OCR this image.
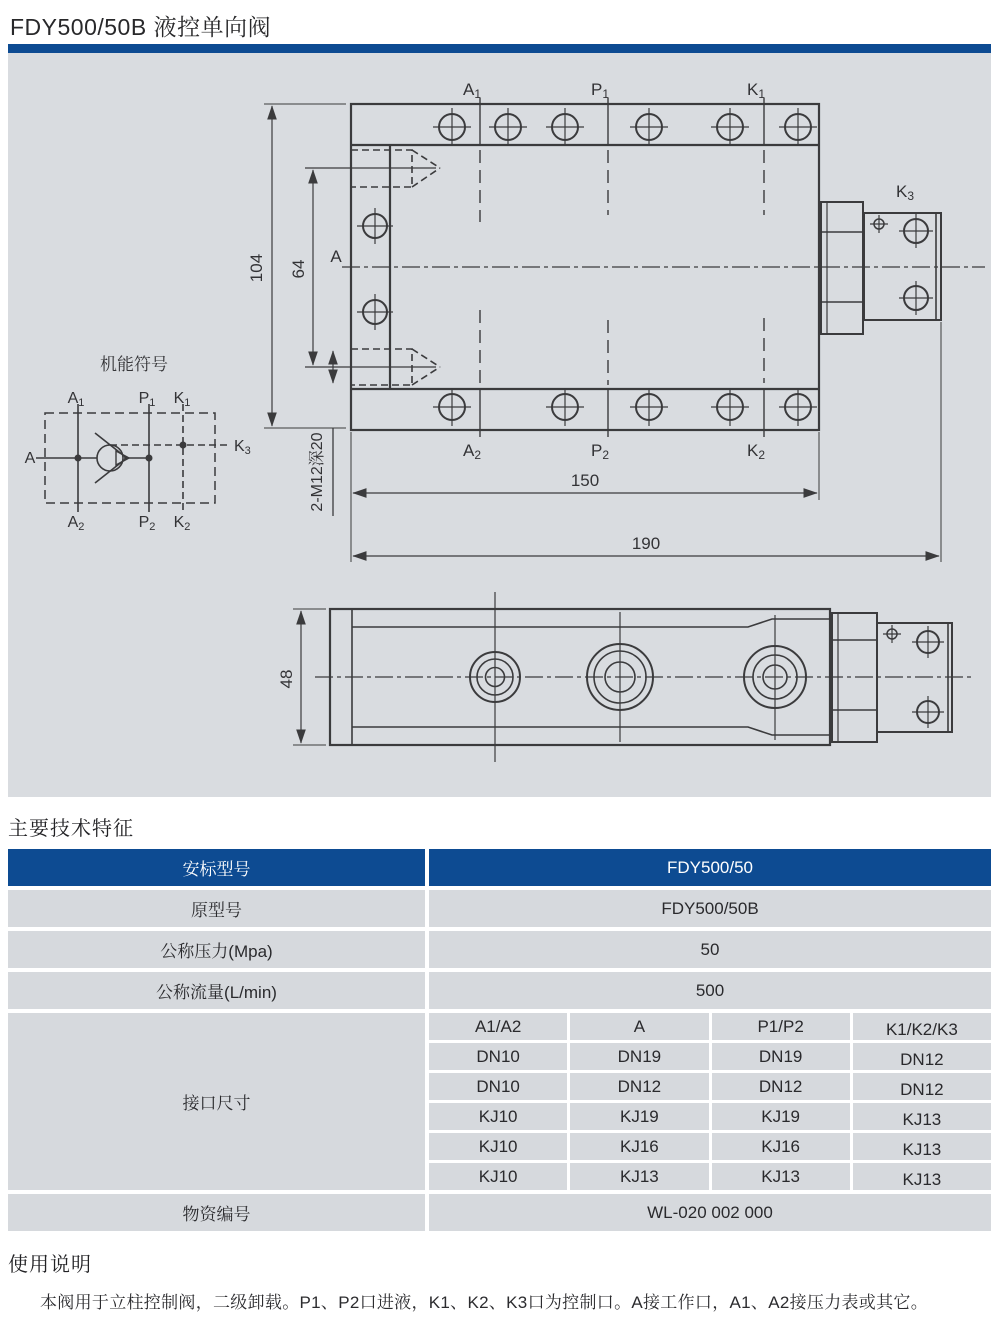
FDY500/50B 液控单向阀
104 64
2-M12深20	150
190
A
A1	P1	K1
A2	P2	K2
K3
机能符号
A1	P1 K1
A2	P2 K2
A
K3
48
主要技术特征
安标型号	FDY500/50
原型号	FDY500/50B
公称压力(Mpa)	50
公称流量(L/min)	500
接口尺寸
A1/A2	A	P1/P2	K1/K2/K3
DN10	DN19	DN19	DN12
DN10	DN12	DN12	DN12
KJ10	KJ19	KJ19	KJ13
KJ10	KJ16	KJ16	KJ13
KJ10	KJ13	KJ13	KJ13
物资编号	WL-020 002 000
使用说明
本阀用于立柱控制阀，二级卸载。P1、P2口进液，K1、K2、K3口为控制口。A接工作口，A1、A2接压力表或其它。
